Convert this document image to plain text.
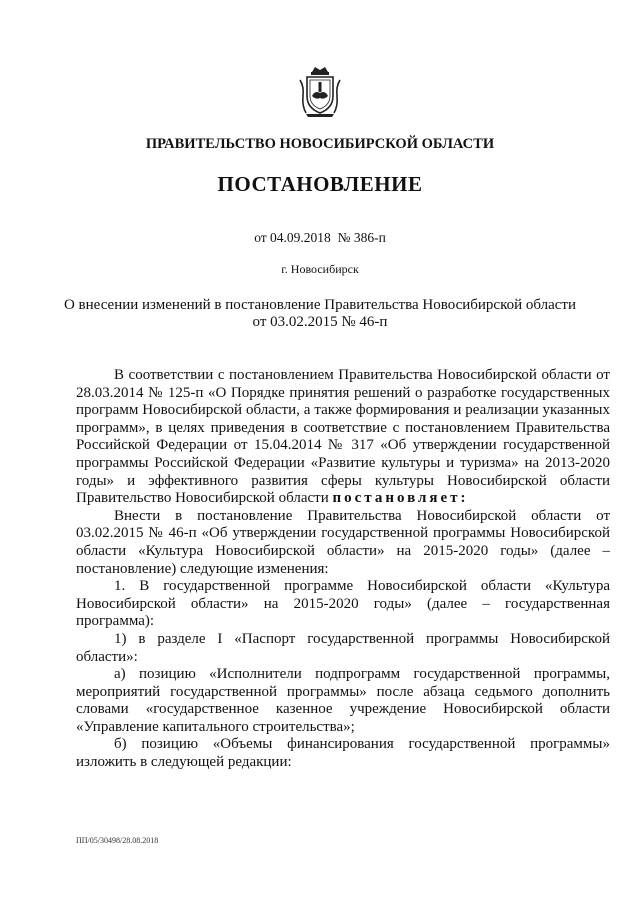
ПРАВИТЕЛЬСТВО НОВОСИБИРСКОЙ ОБЛАСТИ
ПОСТАНОВЛЕНИЕ
от 04.09.2018 № 386-п
г. Новосибирск
О внесении изменений в постановление Правительства Новосибирской области
от 03.02.2015 № 46-п

В соответствии с постановлением Правительства Новосибирской области от 28.03.2014 № 125-п «О Порядке принятия решений о разработке государственных программ Новосибирской области, а также формирования и реализации указанных программ», в целях приведения в соответствие с постановлением Правительства Российской Федерации от 15.04.2014 № 317 «Об утверждении государственной программы Российской Федерации «Развитие культуры и туризма» на 2013-2020 годы» и эффективного развития сферы культуры Новосибирской области Правительство Новосибирской области постановляет:

Внести в постановление Правительства Новосибирской области от 03.02.2015 № 46-п «Об утверждении государственной программы Новосибирской области «Культура Новосибирской области» на 2015-2020 годы» (далее – постановление) следующие изменения:

1. В государственной программе Новосибирской области «Культура Новосибирской области» на 2015-2020 годы» (далее – государственная программа):

1) в разделе I «Паспорт государственной программы Новосибирской области»:

а) позицию «Исполнители подпрограмм государственной программы, мероприятий государственной программы» после абзаца седьмого дополнить словами «государственное казенное учреждение Новосибирской области «Управление капитального строительства»;

б) позицию «Объемы финансирования государственной программы» изложить в следующей редакции:

ПП/05/30498/28.08.2018
